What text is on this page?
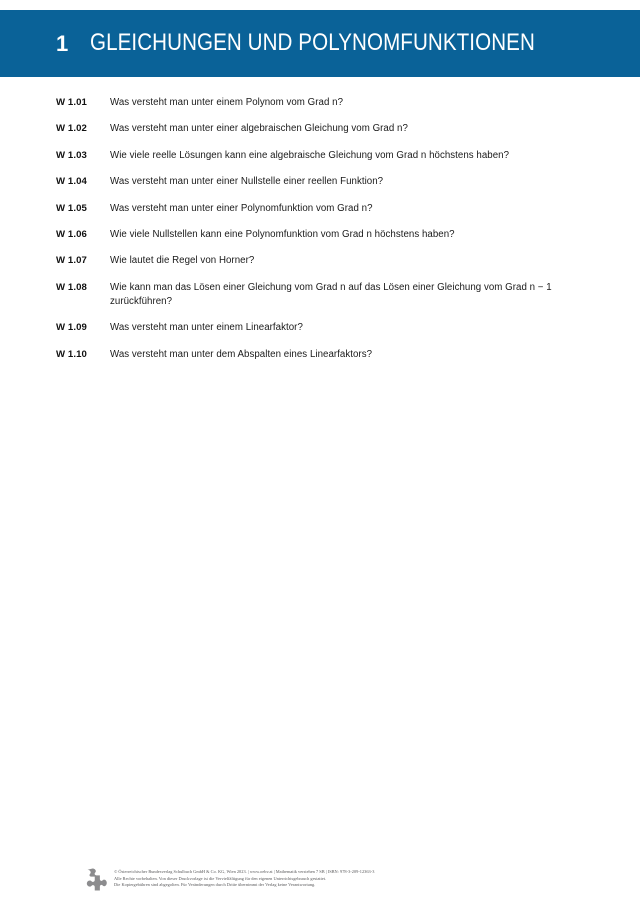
1 GLEICHUNGEN UND POLYNOMFUNKTIONEN
W 1.01	Was versteht man unter einem Polynom vom Grad n?
W 1.02	Was versteht man unter einer algebraischen Gleichung vom Grad n?
W 1.03	Wie viele reelle Lösungen kann eine algebraische Gleichung vom Grad n höchstens haben?
W 1.04	Was versteht man unter einer Nullstelle einer reellen Funktion?
W 1.05	Was versteht man unter einer Polynomfunktion vom Grad n?
W 1.06	Wie viele Nullstellen kann eine Polynomfunktion vom Grad n höchstens haben?
W 1.07	Wie lautet die Regel von Horner?
W 1.08	Wie kann man das Lösen einer Gleichung vom Grad n auf das Lösen einer Gleichung vom Grad n − 1 zurückführen?
W 1.09	Was versteht man unter einem Linearfaktor?
W 1.10	Was versteht man unter dem Abspalten eines Linearfaktors?
© Österreichischer Bundesverlag Schulbuch GmbH & Co. KG, Wien 2023. | www.oebv.at | Mathematik verstehen 7 SB | ISBN: 978-3-209-12363-3
Alle Rechte vorbehalten. Von dieser Druckvorlage ist die Vervielfältigung für den eigenen Unterrichtsgebrauch gestattet.
Die Kopiergebühren sind abgegolten. Für Veränderungen durch Dritte übernimmt der Verlag keine Verantwortung.
